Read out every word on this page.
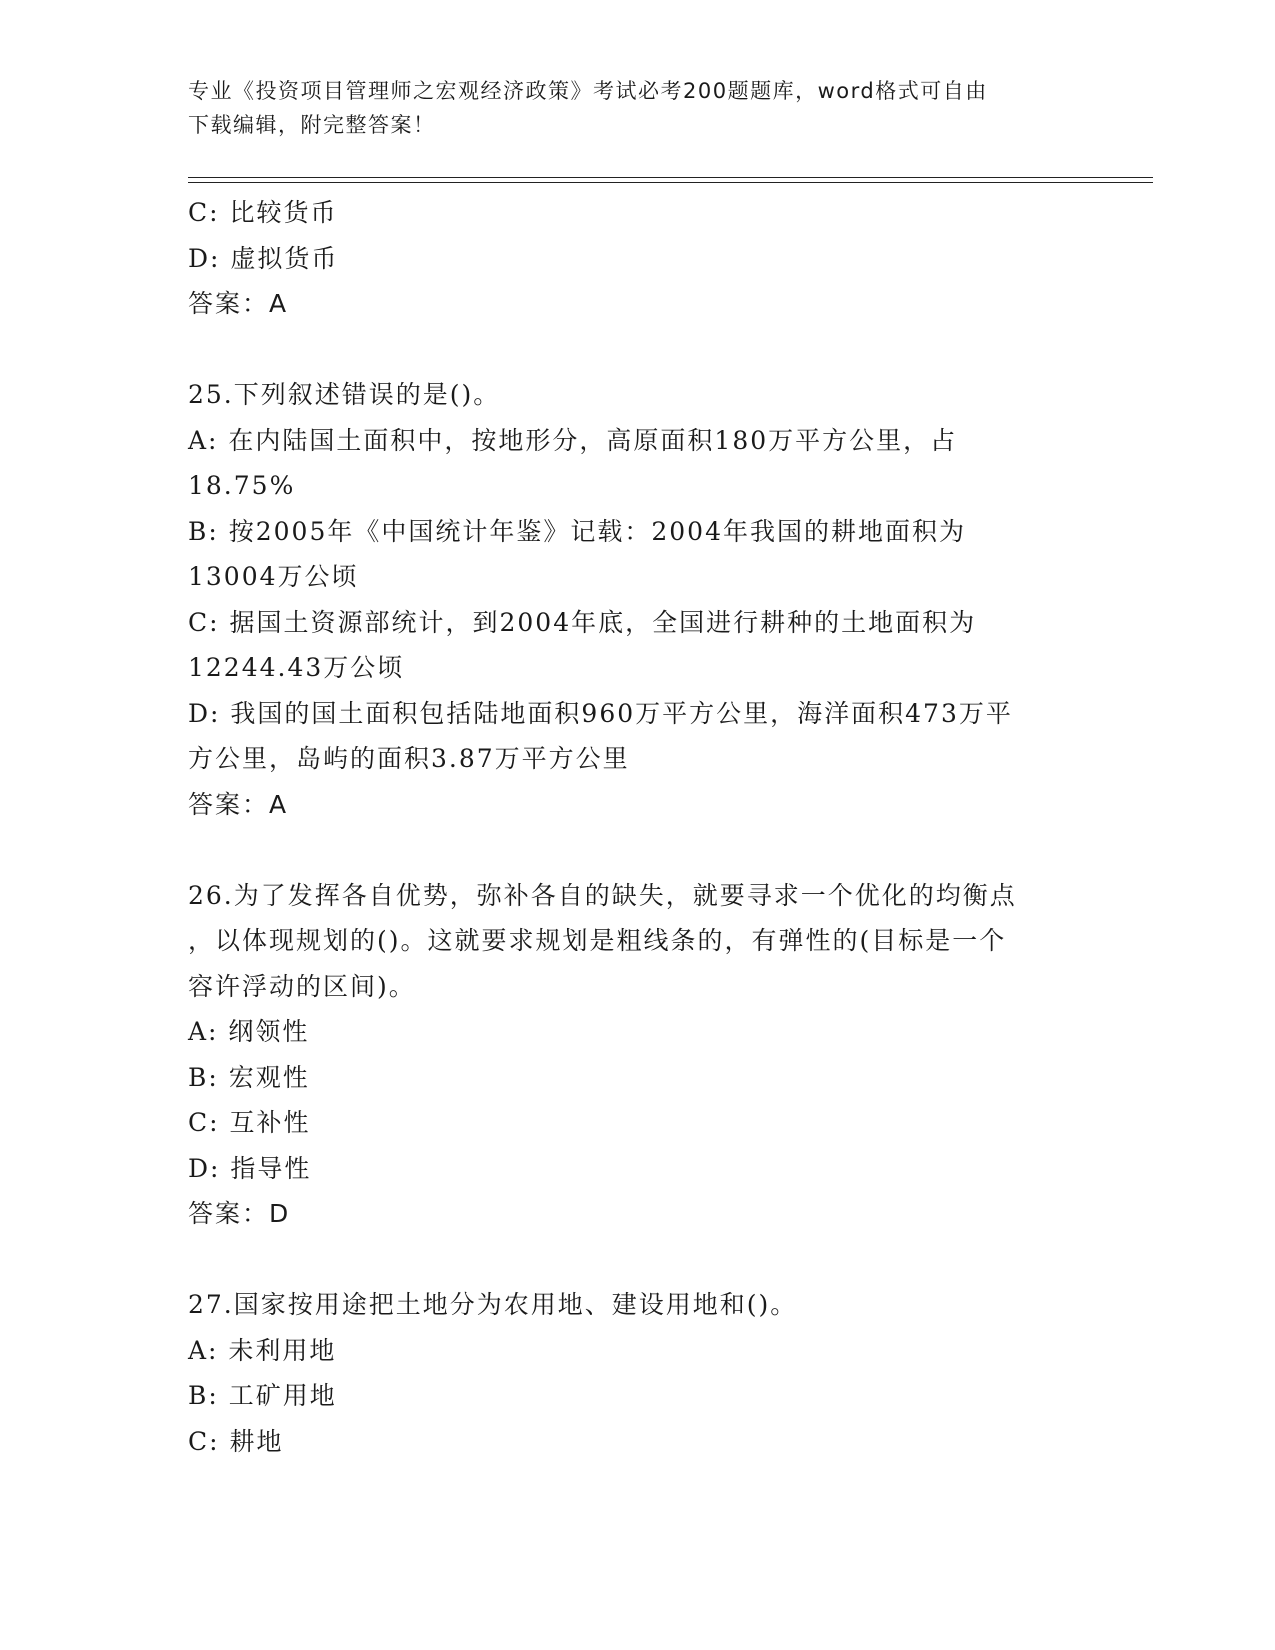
专业《投资项目管理师之宏观经济政策》考试必考200题题库，word格式可自由
下载编辑，附完整答案！
C: 比较货币
D: 虚拟货币
答案：A
25.下列叙述错误的是()。
A: 在内陆国土面积中，按地形分，高原面积180万平方公里，占
18.75%
B: 按2005年《中国统计年鉴》记载：2004年我国的耕地面积为
13004万公顷
C: 据国土资源部统计，到2004年底，全国进行耕种的土地面积为
12244.43万公顷
D: 我国的国土面积包括陆地面积960万平方公里，海洋面积473万平
方公里，岛屿的面积3.87万平方公里
答案：A
26.为了发挥各自优势，弥补各自的缺失，就要寻求一个优化的均衡点
，以体现规划的()。这就要求规划是粗线条的，有弹性的(目标是一个
容许浮动的区间)。
A: 纲领性
B: 宏观性
C: 互补性
D: 指导性
答案：D
27.国家按用途把土地分为农用地、建设用地和()。
A: 未利用地
B: 工矿用地
C: 耕地
